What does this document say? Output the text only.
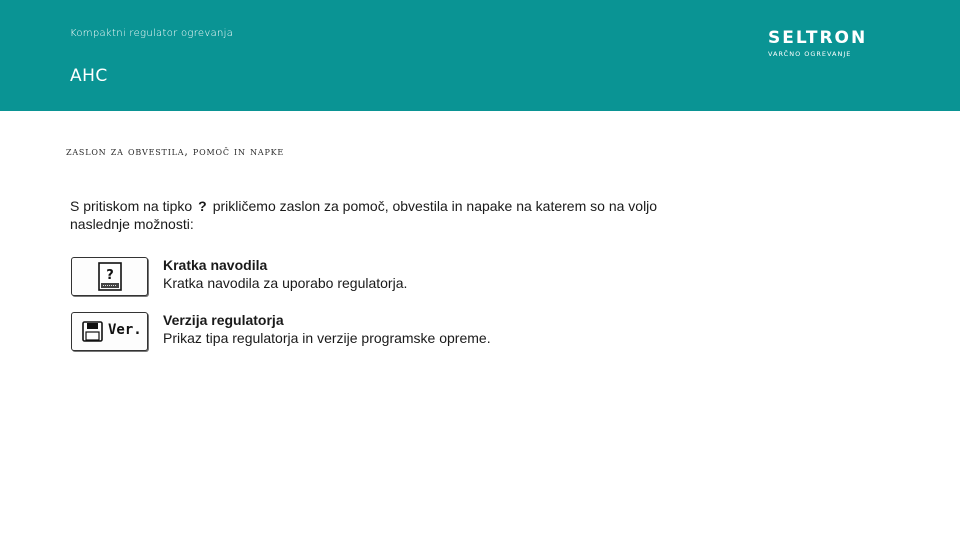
Kompaktni regulator ogrevanja
AHC
SELTRON
VARČNO OGREVANJE
zaslon za obvestila, pomoč in napke
S pritiskom na tipko ? prikličemo zaslon za pomoč, obvestila in napake na katerem so na voljo naslednje možnosti:
?
Kratka navodila
Kratka navodila za uporabo regulatorja.
Ver.
Verzija regulatorja
Prikaz tipa regulatorja in verzije programske opreme.
